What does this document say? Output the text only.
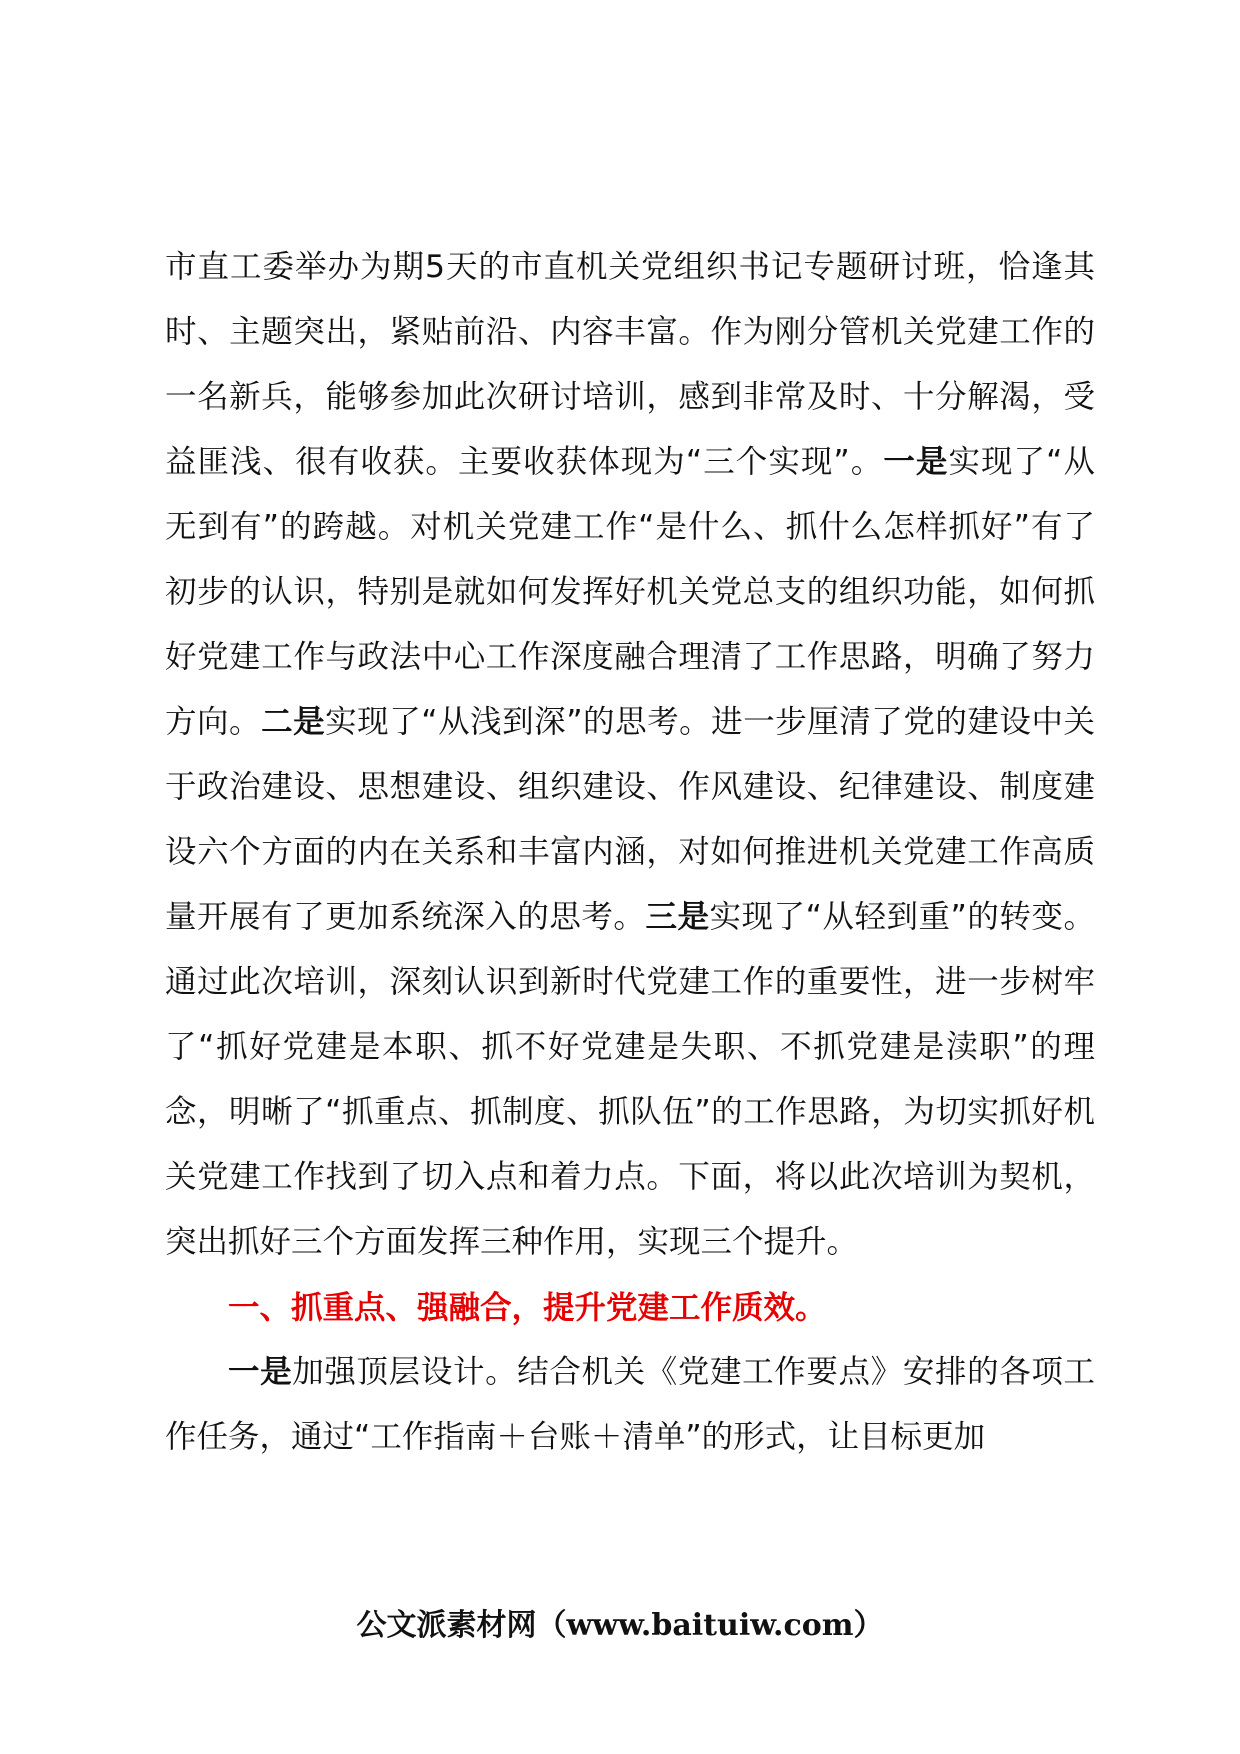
市直工委举办为期5天的市直机关党组织书记专题研讨班，恰逢其时、主题突出，紧贴前沿、内容丰富。作为刚分管机关党建工作的一名新兵，能够参加此次研讨培训，感到非常及时、十分解渴，受益匪浅、很有收获。主要收获体现为“三个实现”。一是实现了“从无到有”的跨越。对机关党建工作“是什么、抓什么怎样抓好”有了初步的认识，特别是就如何发挥好机关党总支的组织功能，如何抓好党建工作与政法中心工作深度融合理清了工作思路，明确了努力方向。二是实现了“从浅到深”的思考。进一步厘清了党的建设中关于政治建设、思想建设、组织建设、作风建设、纪律建设、制度建设六个方面的内在关系和丰富内涵，对如何推进机关党建工作高质量开展有了更加系统深入的思考。三是实现了“从轻到重”的转变。通过此次培训，深刻认识到新时代党建工作的重要性，进一步树牢了“抓好党建是本职、抓不好党建是失职、不抓党建是渎职”的理念，明晰了“抓重点、抓制度、抓队伍”的工作思路，为切实抓好机关党建工作找到了切入点和着力点。下面，将以此次培训为契机，突出抓好三个方面发挥三种作用，实现三个提升。

一、抓重点、强融合，提升党建工作质效。

一是加强顶层设计。结合机关《党建工作要点》安排的各项工作任务，通过“工作指南＋台账＋清单”的形式，让目标更加

公文派素材网（www.baituiw.com）
